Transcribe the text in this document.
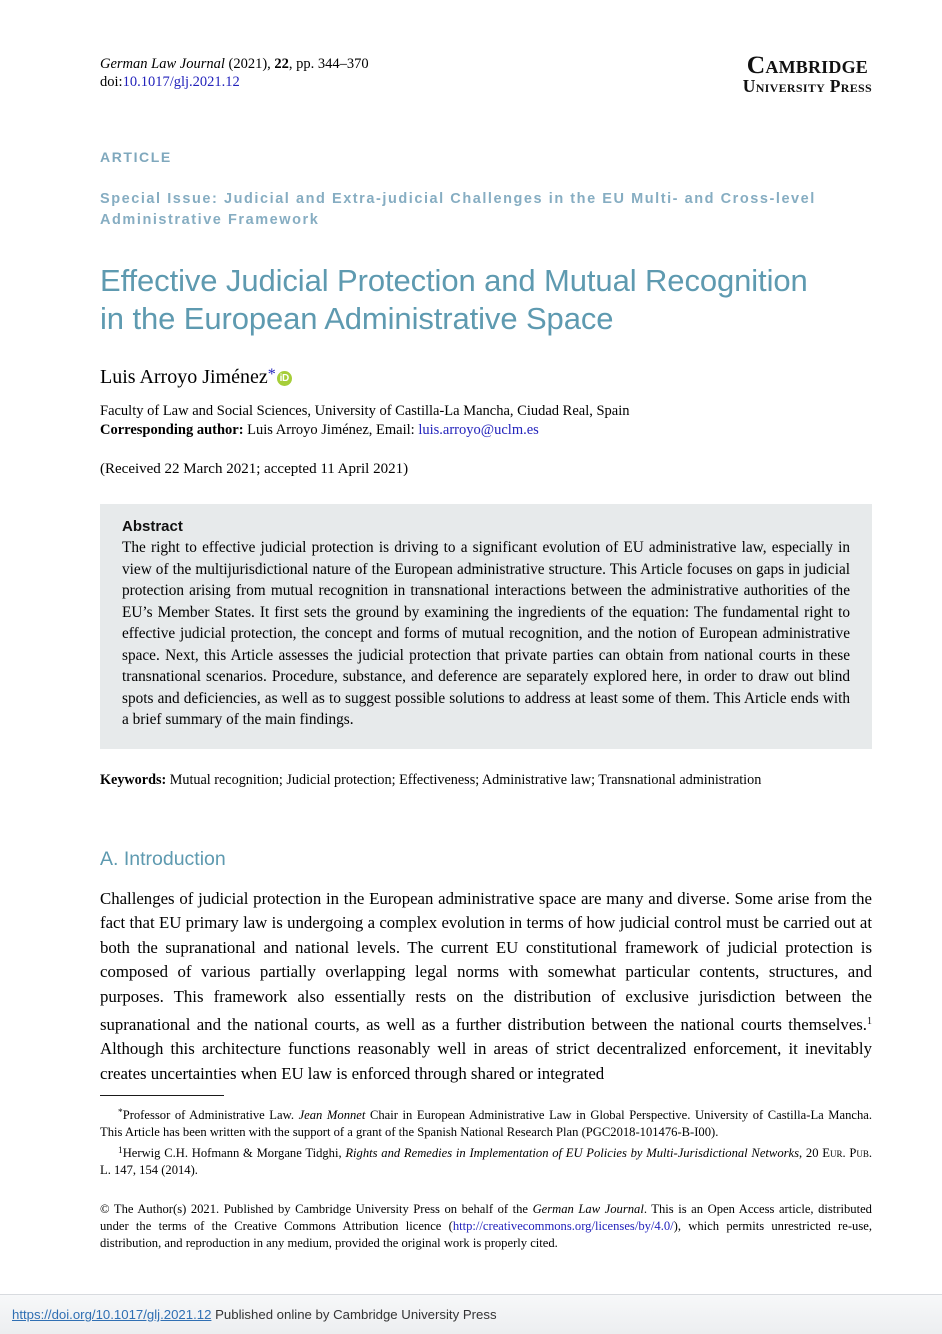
German Law Journal (2021), 22, pp. 344–370
doi:10.1017/glj.2021.12
Cambridge
University Press
ARTICLE
Special Issue: Judicial and Extra-judicial Challenges in the EU Multi- and Cross-level Administrative Framework
Effective Judicial Protection and Mutual Recognition in the European Administrative Space
Luis Arroyo Jiménez* iD
Faculty of Law and Social Sciences, University of Castilla-La Mancha, Ciudad Real, Spain
Corresponding author: Luis Arroyo Jiménez, Email: luis.arroyo@uclm.es
(Received 22 March 2021; accepted 11 April 2021)
Abstract
The right to effective judicial protection is driving to a significant evolution of EU administrative law, especially in view of the multijurisdictional nature of the European administrative structure. This Article focuses on gaps in judicial protection arising from mutual recognition in transnational interactions between the administrative authorities of the EU’s Member States. It first sets the ground by examining the ingredients of the equation: The fundamental right to effective judicial protection, the concept and forms of mutual recognition, and the notion of European administrative space. Next, this Article assesses the judicial protection that private parties can obtain from national courts in these transnational scenarios. Procedure, substance, and deference are separately explored here, in order to draw out blind spots and deficiencies, as well as to suggest possible solutions to address at least some of them. This Article ends with a brief summary of the main findings.
Keywords: Mutual recognition; Judicial protection; Effectiveness; Administrative law; Transnational administration
A. Introduction
Challenges of judicial protection in the European administrative space are many and diverse. Some arise from the fact that EU primary law is undergoing a complex evolution in terms of how judicial control must be carried out at both the supranational and national levels. The current EU constitutional framework of judicial protection is composed of various partially overlapping legal norms with somewhat particular contents, structures, and purposes. This framework also essentially rests on the distribution of exclusive jurisdiction between the supranational and the national courts, as well as a further distribution between the national courts themselves.$^1$ Although this architecture functions reasonably well in areas of strict decentralized enforcement, it inevitably creates uncertainties when EU law is enforced through shared or integrated
*Professor of Administrative Law. Jean Monnet Chair in European Administrative Law in Global Perspective. University of Castilla-La Mancha. This Article has been written with the support of a grant of the Spanish National Research Plan (PGC2018-101476-B-I00).
$^1$Herwig C.H. Hofmann & Morgane Tidghi, Rights and Remedies in Implementation of EU Policies by Multi-Jurisdictional Networks, 20 Eur. Pub. L. 147, 154 (2014).
© The Author(s) 2021. Published by Cambridge University Press on behalf of the German Law Journal. This is an Open Access article, distributed under the terms of the Creative Commons Attribution licence (http://creativecommons.org/licenses/by/4.0/), which permits unrestricted re-use, distribution, and reproduction in any medium, provided the original work is properly cited.
https://doi.org/10.1017/glj.2021.12 Published online by Cambridge University Press
